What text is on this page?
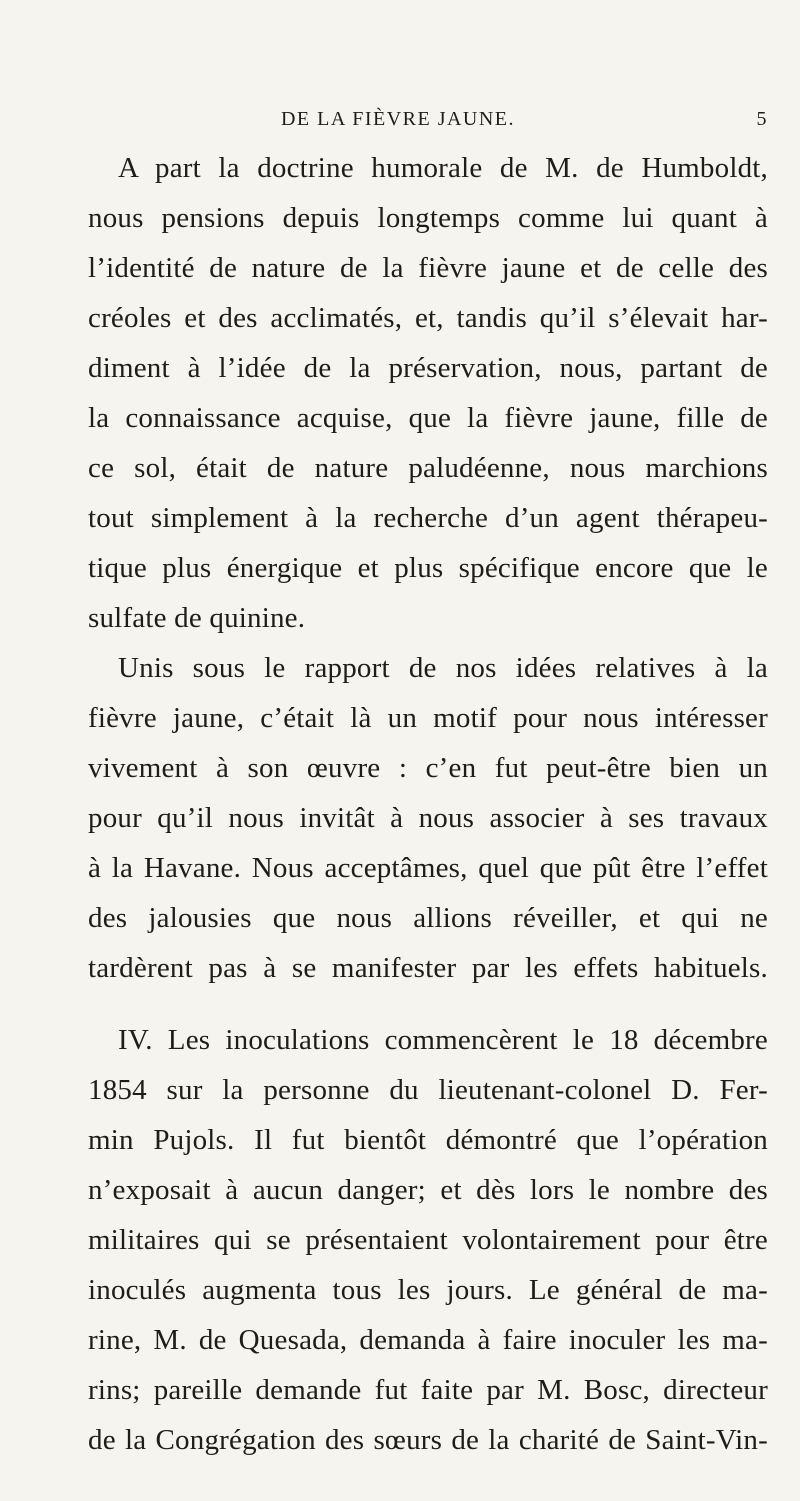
DE LA FIÈVRE JAUNE.	5
A part la doctrine humorale de M. de Humboldt,
nous pensions depuis longtemps comme lui quant à
l’identité de nature de la fièvre jaune et de celle des
créoles et des acclimatés, et, tandis qu’il s’élevait har-
diment à l’idée de la préservation, nous, partant de
la connaissance acquise, que la fièvre jaune, fille de
ce sol, était de nature paludéenne, nous marchions
tout simplement à la recherche d’un agent thérapeu-
tique plus énergique et plus spécifique encore que le
sulfate de quinine.
Unis sous le rapport de nos idées relatives à la
fièvre jaune, c’était là un motif pour nous intéresser
vivement à son œuvre : c’en fut peut-être bien un
pour qu’il nous invitât à nous associer à ses travaux
à la Havane. Nous acceptâmes, quel que pût être l’effet
des jalousies que nous allions réveiller, et qui ne
tardèrent pas à se manifester par les effets habituels.
IV. Les inoculations commencèrent le 18 décembre
1854 sur la personne du lieutenant-colonel D. Fer-
min Pujols. Il fut bientôt démontré que l’opération
n’exposait à aucun danger; et dès lors le nombre des
militaires qui se présentaient volontairement pour être
inoculés augmenta tous les jours. Le général de ma-
rine, M. de Quesada, demanda à faire inoculer les ma-
rins; pareille demande fut faite par M. Bosc, directeur
de la Congrégation des sœurs de la charité de Saint-Vin-
